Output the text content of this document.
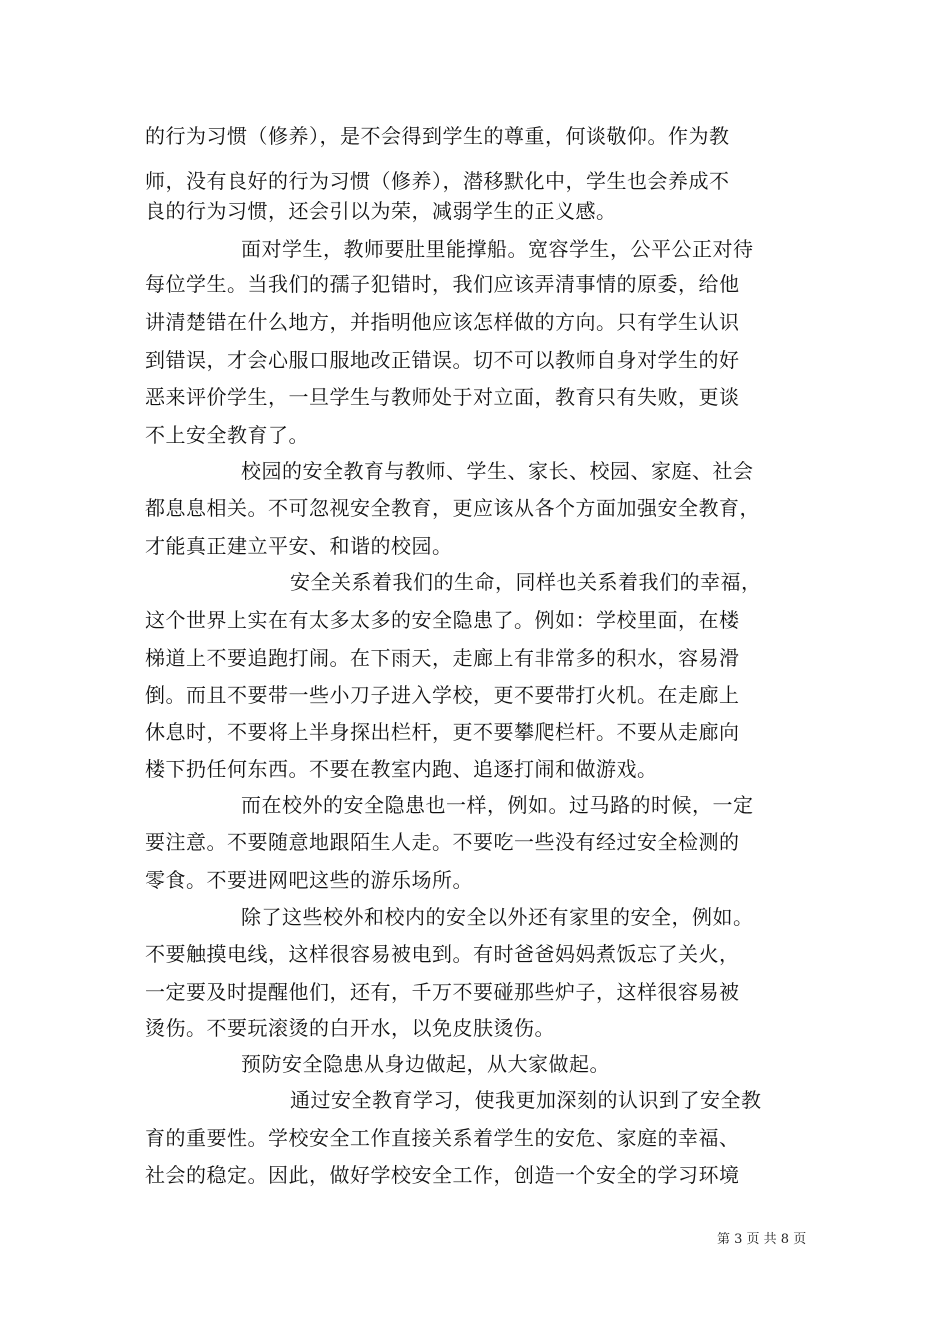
的行为习惯（修养），是不会得到学生的尊重，何谈敬仰。作为教
师，没有良好的行为习惯（修养），潜移默化中，学生也会养成不
良的行为习惯，还会引以为荣，减弱学生的正义感。
面对学生，教师要肚里能撑船。宽容学生，公平公正对待
每位学生。当我们的孺子犯错时，我们应该弄清事情的原委，给他
讲清楚错在什么地方，并指明他应该怎样做的方向。只有学生认识
到错误，才会心服口服地改正错误。切不可以教师自身对学生的好
恶来评价学生，一旦学生与教师处于对立面，教育只有失败，更谈
不上安全教育了。
校园的安全教育与教师、学生、家长、校园、家庭、社会
都息息相关。不可忽视安全教育，更应该从各个方面加强安全教育，
才能真正建立平安、和谐的校园。
安全关系着我们的生命，同样也关系着我们的幸福，
这个世界上实在有太多太多的安全隐患了。例如：学校里面，在楼
梯道上不要追跑打闹。在下雨天，走廊上有非常多的积水，容易滑
倒。而且不要带一些小刀子进入学校，更不要带打火机。在走廊上
休息时，不要将上半身探出栏杆，更不要攀爬栏杆。不要从走廊向
楼下扔任何东西。不要在教室内跑、追逐打闹和做游戏。
而在校外的安全隐患也一样，例如。过马路的时候，一定
要注意。不要随意地跟陌生人走。不要吃一些没有经过安全检测的
零食。不要进网吧这些的游乐场所。
除了这些校外和校内的安全以外还有家里的安全，例如。
不要触摸电线，这样很容易被电到。有时爸爸妈妈煮饭忘了关火，
一定要及时提醒他们，还有，千万不要碰那些炉子，这样很容易被
烫伤。不要玩滚烫的白开水，以免皮肤烫伤。
预防安全隐患从身边做起，从大家做起。
通过安全教育学习，使我更加深刻的认识到了安全教
育的重要性。学校安全工作直接关系着学生的安危、家庭的幸福、
社会的稳定。因此，做好学校安全工作，创造一个安全的学习环境
第 3 页 共 8 页
